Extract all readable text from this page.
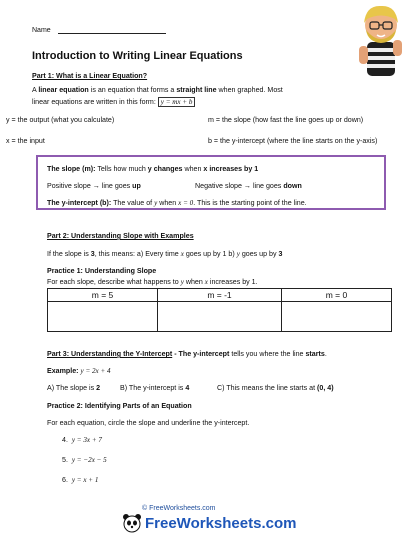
Name
Introduction to Writing Linear Equations
Part 1: What is a Linear Equation?
A linear equation is an equation that forms a straight line when graphed. Most
linear equations are written in this form: y = mx + b
y = the output (what you calculate)	m = the slope (how fast the line goes up or down)
x = the input	b = the y-intercept (where the line starts on the y-axis)
The slope (m): Tells how much y changes when x increases by 1
Positive slope → line goes up	Negative slope → line goes down
The y-intercept (b): The value of y when x = 0. This is the starting point of the line.
Part 2: Understanding Slope with Examples
If the slope is 3, this means: a) Every time x goes up by 1 b) y goes up by 3
Practice 1: Understanding Slope
For each slope, describe what happens to y when x increases by 1.
m = 5	m = -1	m = 0

Part 3: Understanding the Y-Intercept - The y-intercept tells you where the line starts.
Example: y = 2x + 4
A) The slope is 2	B) The y-intercept is 4	C) This means the line starts at (0, 4)
Practice 2: Identifying Parts of an Equation
For each equation, circle the slope and underline the y-intercept.
4. y = 3x + 7
5. y = −2x − 5
6. y = x + 1
© FreeWorksheets.com
FreeWorksheets.com
